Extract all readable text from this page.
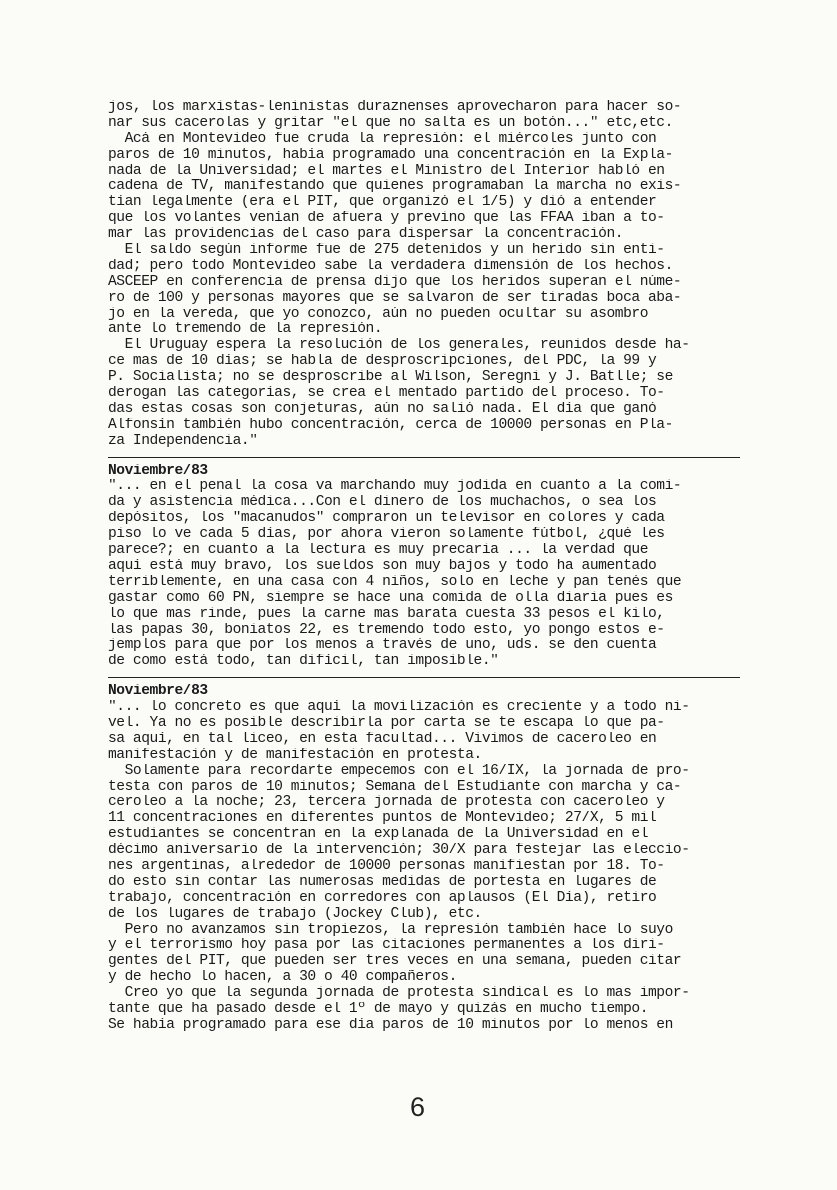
jos, los marxistas-leninistas duraznenses aprovecharon para hacer so-
nar sus cacerolas y gritar "el que no salta es un botón..." etc,etc.
Acá en Montevideo fue cruda la represión: el miércoles junto con
paros de 10 minutos, había programado una concentración en la Expla-
nada de la Universidad; el martes el Ministro del Interior habló en
cadena de TV, manifestando que quienes programaban la marcha no exis-
tían legalmente (era el PIT, que organizó el 1/5) y dió a entender
que los volantes venían de afuera y previno que las FFAA iban a to-
mar las providencias del caso para dispersar la concentración.
El saldo según informe fue de 275 detenidos y un herido sin enti-
dad; pero todo Montevideo sabe la verdadera dimensión de los hechos.
ASCEEP en conferencia de prensa dijo que los heridos superan el núme-
ro de 100 y personas mayores que se salvaron de ser tiradas boca aba-
jo en la vereda, que yo conozco, aún no pueden ocultar su asombro
ante lo tremendo de la represión.
El Uruguay espera la resolución de los generales, reunidos desde ha-
ce mas de 10 días; se habla de desproscripciones, del PDC, la 99 y
P. Socialista; no se desproscribe al Wilson, Seregni y J. Batlle; se
derogan las categorías, se crea el mentado partido del proceso. To-
das estas cosas son conjeturas, aún no salió nada. El día que ganó
Alfonsín también hubo concentración, cerca de 10000 personas en Pla-
za Independencia."
Noviembre/83
"... en el penal la cosa va marchando muy jodida en cuanto a la comi-
da y asistencia médica...Con el dinero de los muchachos, o sea los
depósitos, los "macanudos" compraron un televisor en colores y cada
piso lo ve cada 5 días, por ahora vieron solamente fútbol, ¿qué les
parece?; en cuanto a la lectura es muy precaria ... la verdad que
aquí está muy bravo, los sueldos son muy bajos y todo ha aumentado
terriblemente, en una casa con 4 niños, solo en leche y pan tenés que
gastar como 60 PN, siempre se hace una comida de olla diaria pues es
lo que mas rinde, pues la carne mas barata cuesta 33 pesos el kilo,
las papas 30, boniatos 22, es tremendo todo esto, yo pongo estos e-
jemplos para que por los menos a través de uno, uds. se den cuenta
de como está todo, tan difícil, tan imposible."
Noviembre/83
"... lo concreto es que aquí la movilización es creciente y a todo ni-
vel. Ya no es posible describirla por carta se te escapa lo que pa-
sa aquí, en tal liceo, en esta facultad... Vivimos de caceroleo en
manifestación y de manifestación en protesta.
Solamente para recordarte empecemos con el 16/IX, la jornada de pro-
testa con paros de 10 minutos; Semana del Estudiante con marcha y ca-
ceroleo a la noche; 23, tercera jornada de protesta con caceroleo y
11 concentraciones en diferentes puntos de Montevideo; 27/X, 5 mil
estudiantes se concentran en la explanada de la Universidad en el
décimo aniversario de la intervención; 30/X para festejar las eleccio-
nes argentinas, alrededor de 10000 personas manifiestan por 18. To-
do esto sin contar las numerosas medidas de portesta en lugares de
trabajo, concentración en corredores con aplausos (El Día), retiro
de los lugares de trabajo (Jockey Club), etc.
Pero no avanzamos sin tropiezos, la represión también hace lo suyo
y el terrorismo hoy pasa por las citaciones permanentes a los diri-
gentes del PIT, que pueden ser tres veces en una semana, pueden citar
y de hecho lo hacen, a 30 o 40 compañeros.
Creo yo que la segunda jornada de protesta sindical es lo mas impor-
tante que ha pasado desde el 1º de mayo y quizás en mucho tiempo.
Se había programado para ese día paros de 10 minutos por lo menos en
6
